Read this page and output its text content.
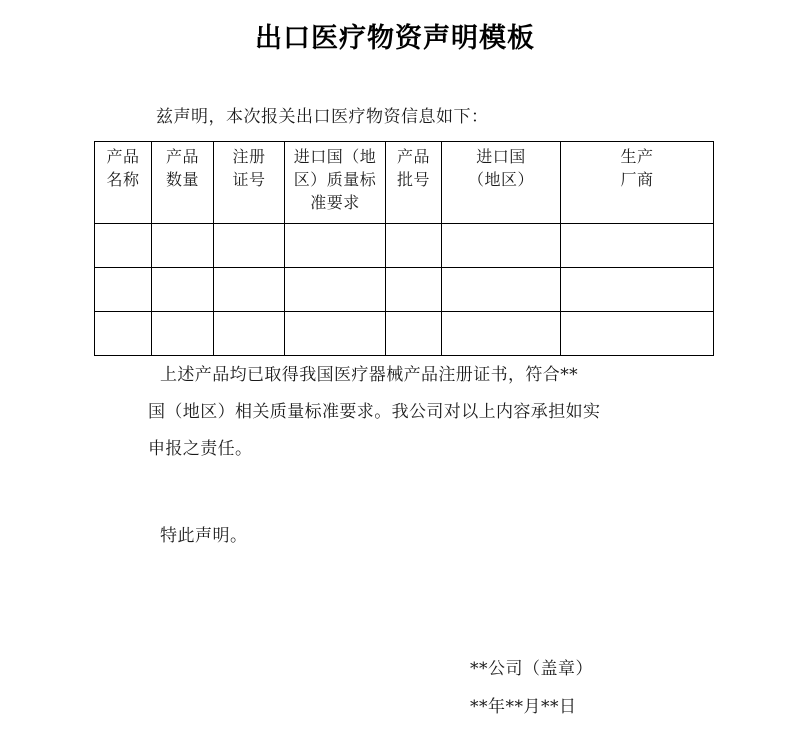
出口医疗物资声明模板
兹声明，本次报关出口医疗物资信息如下：
产品名称	产品数量	注册证号	进口国（地区）质量标准要求	产品批号	进口国（地区）	生产厂商

上述产品均已取得我国医疗器械产品注册证书，符合**
国（地区）相关质量标准要求。我公司对以上内容承担如实
申报之责任。
特此声明。
**公司（盖章）
**年**月**日
